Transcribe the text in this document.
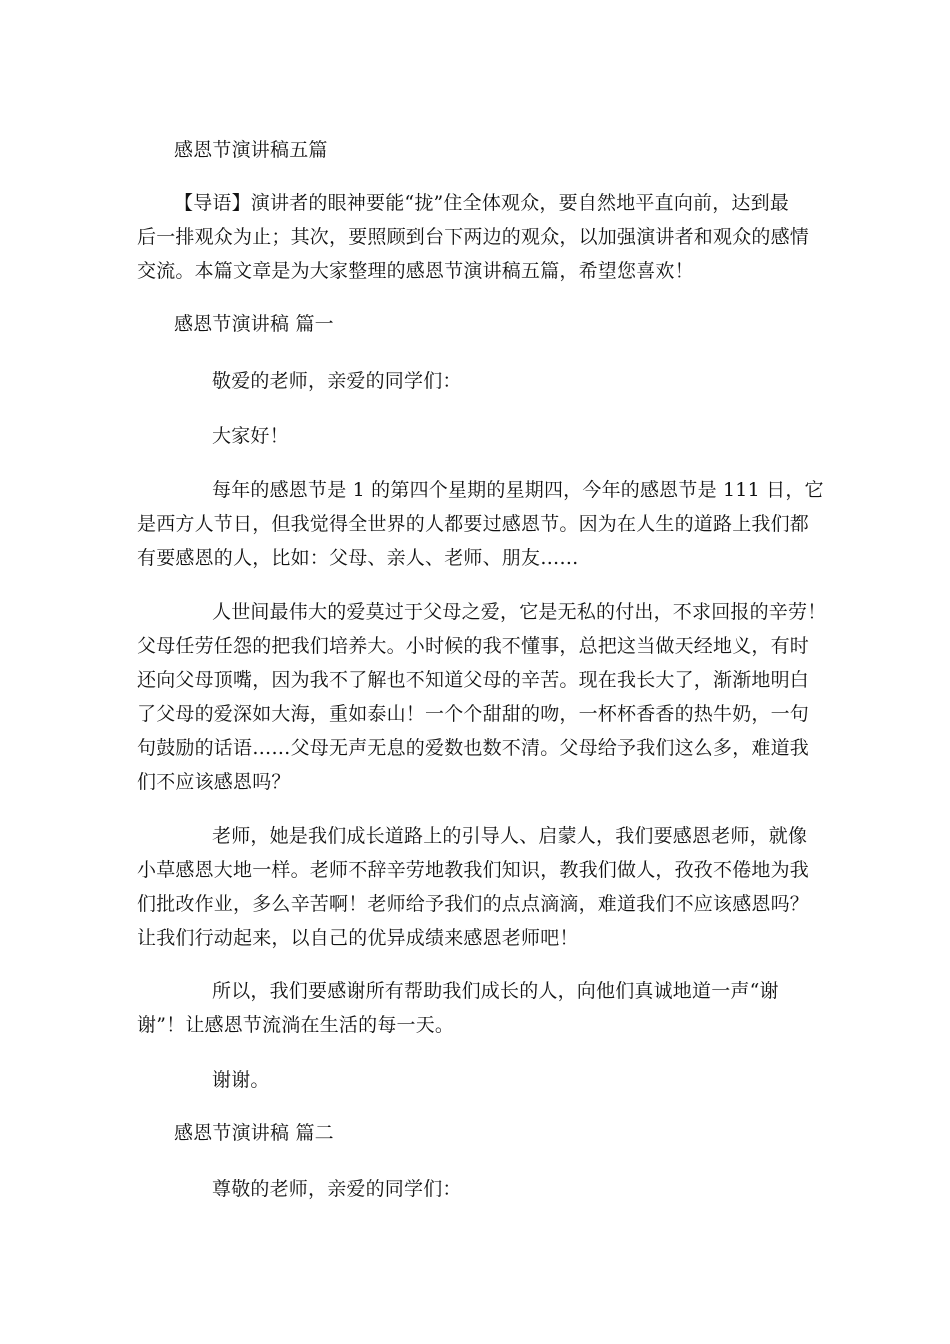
感恩节演讲稿五篇
【导语】演讲者的眼神要能“拢”住全体观众，要自然地平直向前，达到最
后一排观众为止；其次，要照顾到台下两边的观众，以加强演讲者和观众的感情
交流。本篇文章是为大家整理的感恩节演讲稿五篇，希望您喜欢！
感恩节演讲稿 篇一
敬爱的老师，亲爱的同学们：
大家好！
每年的感恩节是 1 的第四个星期的星期四，今年的感恩节是 111 日，它
是西方人节日，但我觉得全世界的人都要过感恩节。因为在人生的道路上我们都
有要感恩的人，比如：父母、亲人、老师、朋友……
人世间最伟大的爱莫过于父母之爱，它是无私的付出，不求回报的辛劳！
父母任劳任怨的把我们培养大。小时候的我不懂事，总把这当做天经地义，有时
还向父母顶嘴，因为我不了解也不知道父母的辛苦。现在我长大了，渐渐地明白
了父母的爱深如大海，重如泰山！一个个甜甜的吻，一杯杯香香的热牛奶，一句
句鼓励的话语……父母无声无息的爱数也数不清。父母给予我们这么多，难道我
们不应该感恩吗？
老师，她是我们成长道路上的引导人、启蒙人，我们要感恩老师，就像
小草感恩大地一样。老师不辞辛劳地教我们知识，教我们做人，孜孜不倦地为我
们批改作业，多么辛苦啊！老师给予我们的点点滴滴，难道我们不应该感恩吗？
让我们行动起来，以自己的优异成绩来感恩老师吧！
所以，我们要感谢所有帮助我们成长的人，向他们真诚地道一声“谢
谢”！让感恩节流淌在生活的每一天。
谢谢。
感恩节演讲稿 篇二
尊敬的老师，亲爱的同学们：
